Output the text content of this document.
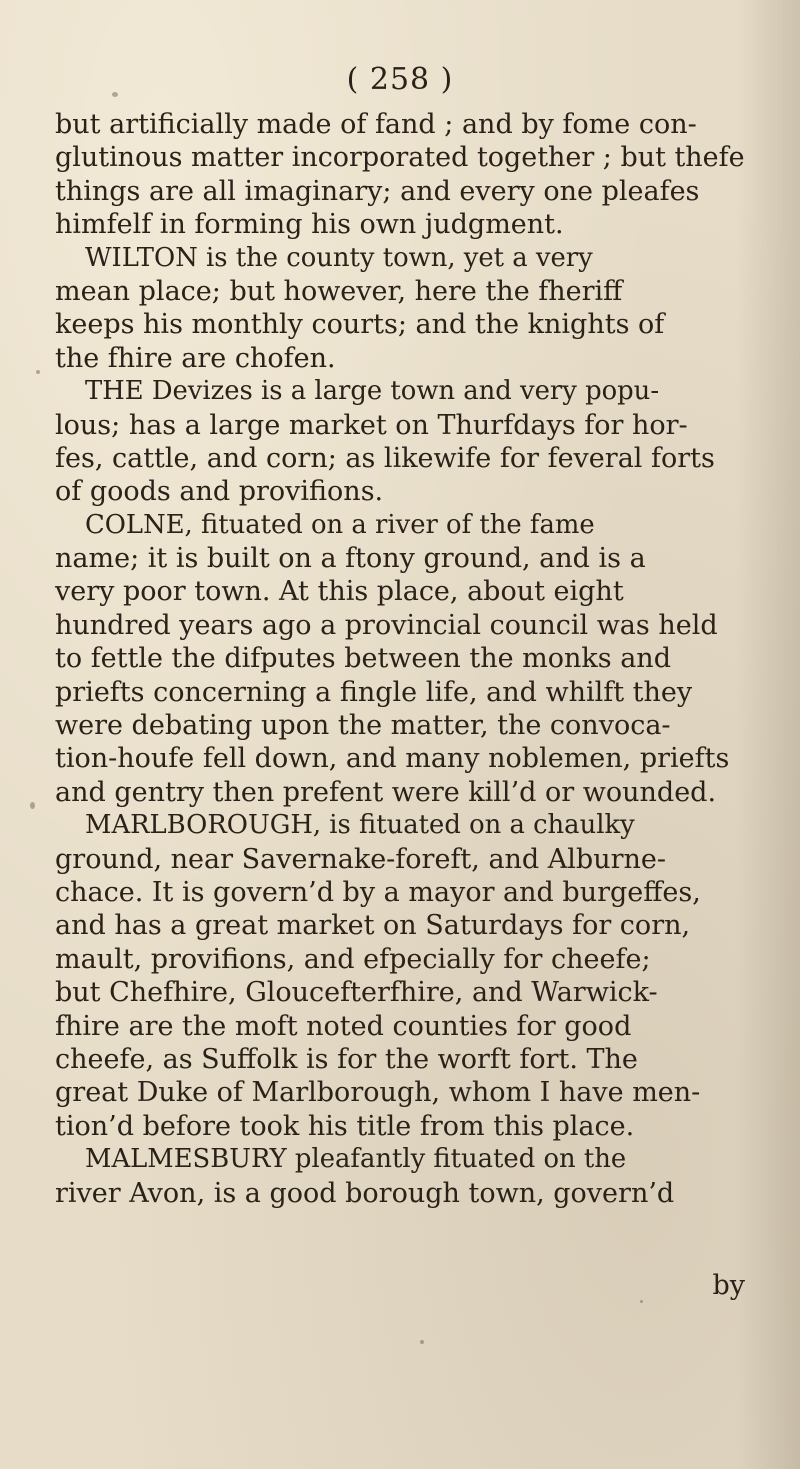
( 258 )
but artificially made of fand ; and by fome con-
glutinous matter incorporated together ; but thefe
things are all imaginary; and every one pleafes
himfelf in forming his own judgment.
WILTON is the county town, yet a very
mean place; but however, here the fheriff
keeps his monthly courts; and the knights of
the fhire are chofen.
THE Devizes is a large town and very popu-
lous; has a large market on Thurfdays for hor-
fes, cattle, and corn; as likewife for feveral forts
of goods and provifions.
COLNE, fituated on a river of the fame
name; it is built on a ftony ground, and is a
very poor town. At this place, about eight
hundred years ago a provincial council was held
to fettle the difputes between the monks and
priefts concerning a fingle life, and whilft they
were debating upon the matter, the convoca-
tion-houfe fell down, and many noblemen, priefts
and gentry then prefent were kill’d or wounded.
MARLBOROUGH, is fituated on a chaulky
ground, near Savernake-foreft, and Alburne-
chace. It is govern’d by a mayor and burgeffes,
and has a great market on Saturdays for corn,
mault, provifions, and efpecially for cheefe;
but Chefhire, Gloucefterfhire, and Warwick-
fhire are the moft noted counties for good
cheefe, as Suffolk is for the worft fort. The
great Duke of Marlborough, whom I have men-
tion’d before took his title from this place.
MALMESBURY pleafantly fituated on the
river Avon, is a good borough town, govern’d
by
